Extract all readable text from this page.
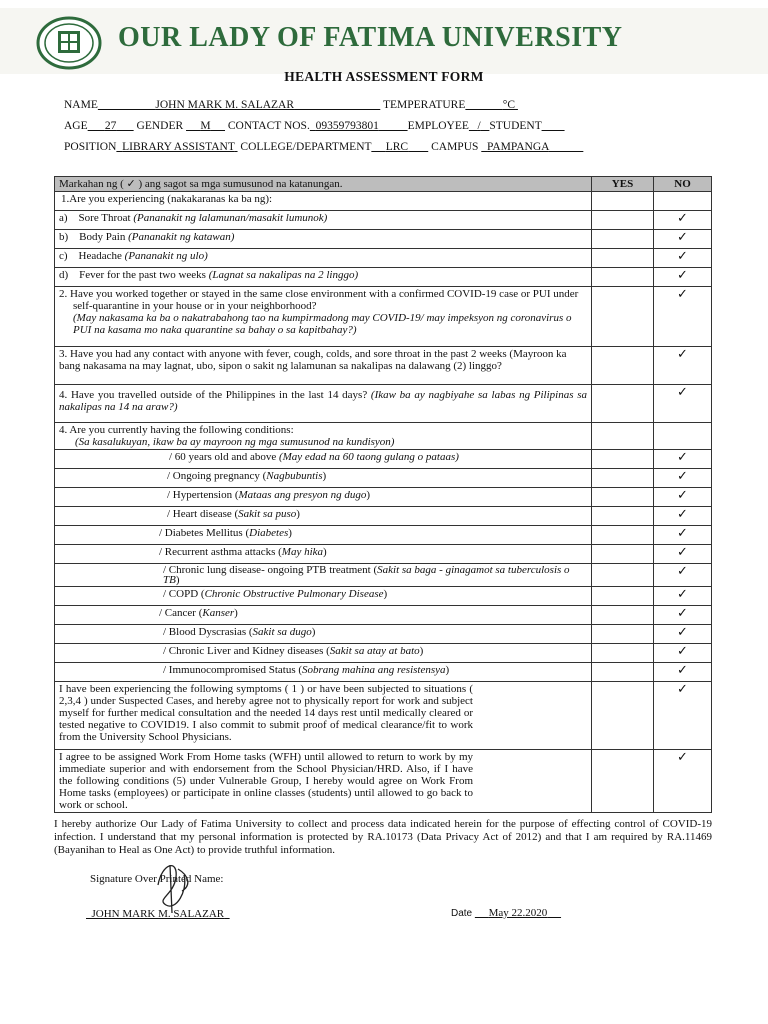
OUR LADY OF FATIMA UNIVERSITY
HEALTH ASSESSMENT FORM
NAME	JOHN MARK M. SALAZAR	TEMPERATURE	°C
AGE 27 GENDER M CONTACT NOS. 09359793801	EMPLOYEE / STUDENT
POSITION LIBRARY ASSISTANT COLLEGE/DEPARTMENT LRC CAMPUS PAMPANGA
Markahan ng ( ✓ ) ang sagot sa mga sumusunod na katanungan.	YES	NO
1.Are you experiencing (nakakaranas ka ba ng):		
a) Sore Throat (Pananakit ng lalamunan/masakit lumunok)		✓
b) Body Pain (Pananakit ng katawan)		✓
c) Headache (Pananakit ng ulo)		✓
d) Fever for the past two weeks (Lagnat sa nakalipas na 2 linggo)		✓

2. Have you worked together or stayed in the same close environment with a confirmed COVID-19 case or PUI under self-quarantine in your house or in your neighborhood?
(May nakasama ka ba o nakatrabahong tao na kumpirmadong may COVID-19/ may impeksyon ng coronavirus o PUI na kasama mo naka quarantine sa bahay o sa kapitbahay?)		✓

3. Have you had any contact with anyone with fever, cough, colds, and sore throat in the past 2 weeks (Mayroon ka bang nakasama na may lagnat, ubo, sipon o sakit ng lalamunan sa nakalipas na dalawang (2) linggo?		✓
4. Have you travelled outside of the Philippines in the last 14 days? (Ikaw ba ay nagbiyahe sa labas ng Pilipinas sa nakalipas na 14 na araw?)		✓

4. Are you currently having the following conditions:
(Sa kasalukuyan, ikaw ba ay mayroon ng mga sumusunod na kundisyon)		

/ 60 years old and above (May edad na 60 taong gulang o pataas)		✓
/ Ongoing pregnancy (Nagbubuntis)		✓
/ Hypertension (Mataas ang presyon ng dugo)		✓
/ Heart disease (Sakit sa puso)		✓
/ Diabetes Mellitus (Diabetes)		✓
/ Recurrent asthma attacks (May hika)		✓
/ Chronic lung disease- ongoing PTB treatment (Sakit sa baga - ginagamot sa tuberculosis o TB)		✓
/ COPD (Chronic Obstructive Pulmonary Disease)		✓
/ Cancer (Kanser)		✓
/ Blood Dyscrasias (Sakit sa dugo)		✓
/ Chronic Liver and Kidney diseases (Sakit sa atay at bato)		✓
/ Immunocompromised Status (Sobrang mahina ang resistensya)		✓
I have been experiencing the following symptoms ( 1 ) or have been subjected to situations ( 2,3,4 ) under Suspected Cases, and hereby agree not to physically report for work and subject myself for further medical consultation and the needed 14 days rest until medically cleared or tested negative to COVID19. I also commit to submit proof of medical clearance/fit to work from the University School Physicians.		✓
I agree to be assigned Work From Home tasks (WFH) until allowed to return to work by my immediate superior and with endorsement from the School Physician/HRD. Also, if I have the following conditions (5) under Vulnerable Group, I hereby would agree on Work From Home tasks (employees) or participate in online classes (students) until allowed to go back to work or school.		✓
I hereby authorize Our Lady of Fatima University to collect and process data indicated herein for the purpose of effecting control of COVID-19 infection. I understand that my personal information is protected by RA.10173 (Data Privacy Act of 2012) and that I am required by RA.11469 (Bayanihan to Heal as One Act) to provide truthful information.
Signature Over Printed Name:
JOHN MARK M. SALAZAR	Date May 22.2020
